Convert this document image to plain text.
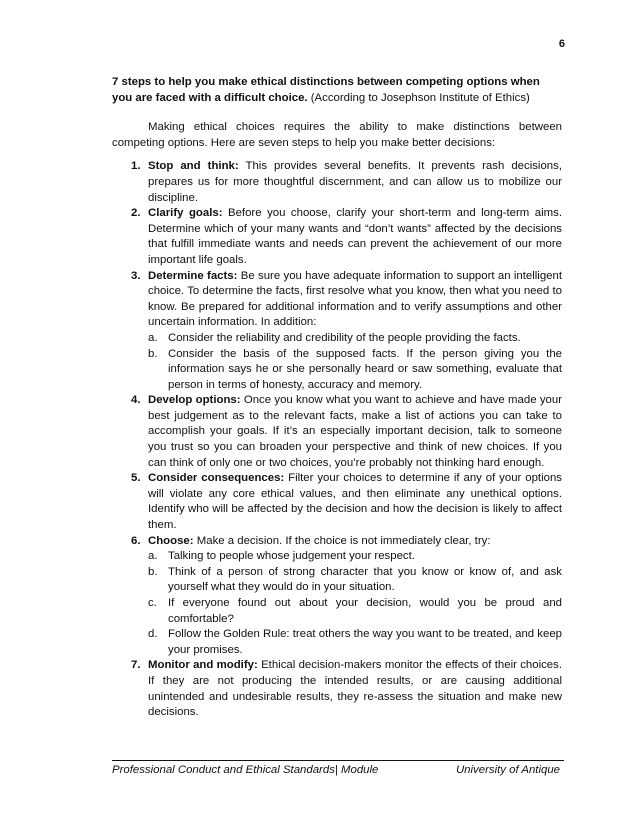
6

7 steps to help you make ethical distinctions between competing options when you are faced with a difficult choice. (According to Josephson Institute of Ethics)

Making ethical choices requires the ability to make distinctions between competing options. Here are seven steps to help you make better decisions:

1. Stop and think: This provides several benefits. It prevents rash decisions, prepares us for more thoughtful discernment, and can allow us to mobilize our discipline.
2. Clarify goals: Before you choose, clarify your short-term and long-term aims. Determine which of your many wants and “don’t wants” affected by the decisions that fulfill immediate wants and needs can prevent the achievement of our more important life goals.
3. Determine facts: Be sure you have adequate information to support an intelligent choice. To determine the facts, first resolve what you know, then what you need to know. Be prepared for additional information and to verify assumptions and other uncertain information. In addition:
a. Consider the reliability and credibility of the people providing the facts.
b. Consider the basis of the supposed facts. If the person giving you the information says he or she personally heard or saw something, evaluate that person in terms of honesty, accuracy and memory.
4. Develop options: Once you know what you want to achieve and have made your best judgement as to the relevant facts, make a list of actions you can take to accomplish your goals. If it’s an especially important decision, talk to someone you trust so you can broaden your perspective and think of new choices. If you can think of only one or two choices, you’re probably not thinking hard enough.
5. Consider consequences: Filter your choices to determine if any of your options will violate any core ethical values, and then eliminate any unethical options. Identify who will be affected by the decision and how the decision is likely to affect them.
6. Choose: Make a decision. If the choice is not immediately clear, try:
a. Talking to people whose judgement your respect.
b. Think of a person of strong character that you know or know of, and ask yourself what they would do in your situation.
c. If everyone found out about your decision, would you be proud and comfortable?
d. Follow the Golden Rule: treat others the way you want to be treated, and keep your promises.
7. Monitor and modify: Ethical decision-makers monitor the effects of their choices. If they are not producing the intended results, or are causing additional unintended and undesirable results, they re-assess the situation and make new decisions.
Professional Conduct and Ethical Standards| Module	University of Antique
